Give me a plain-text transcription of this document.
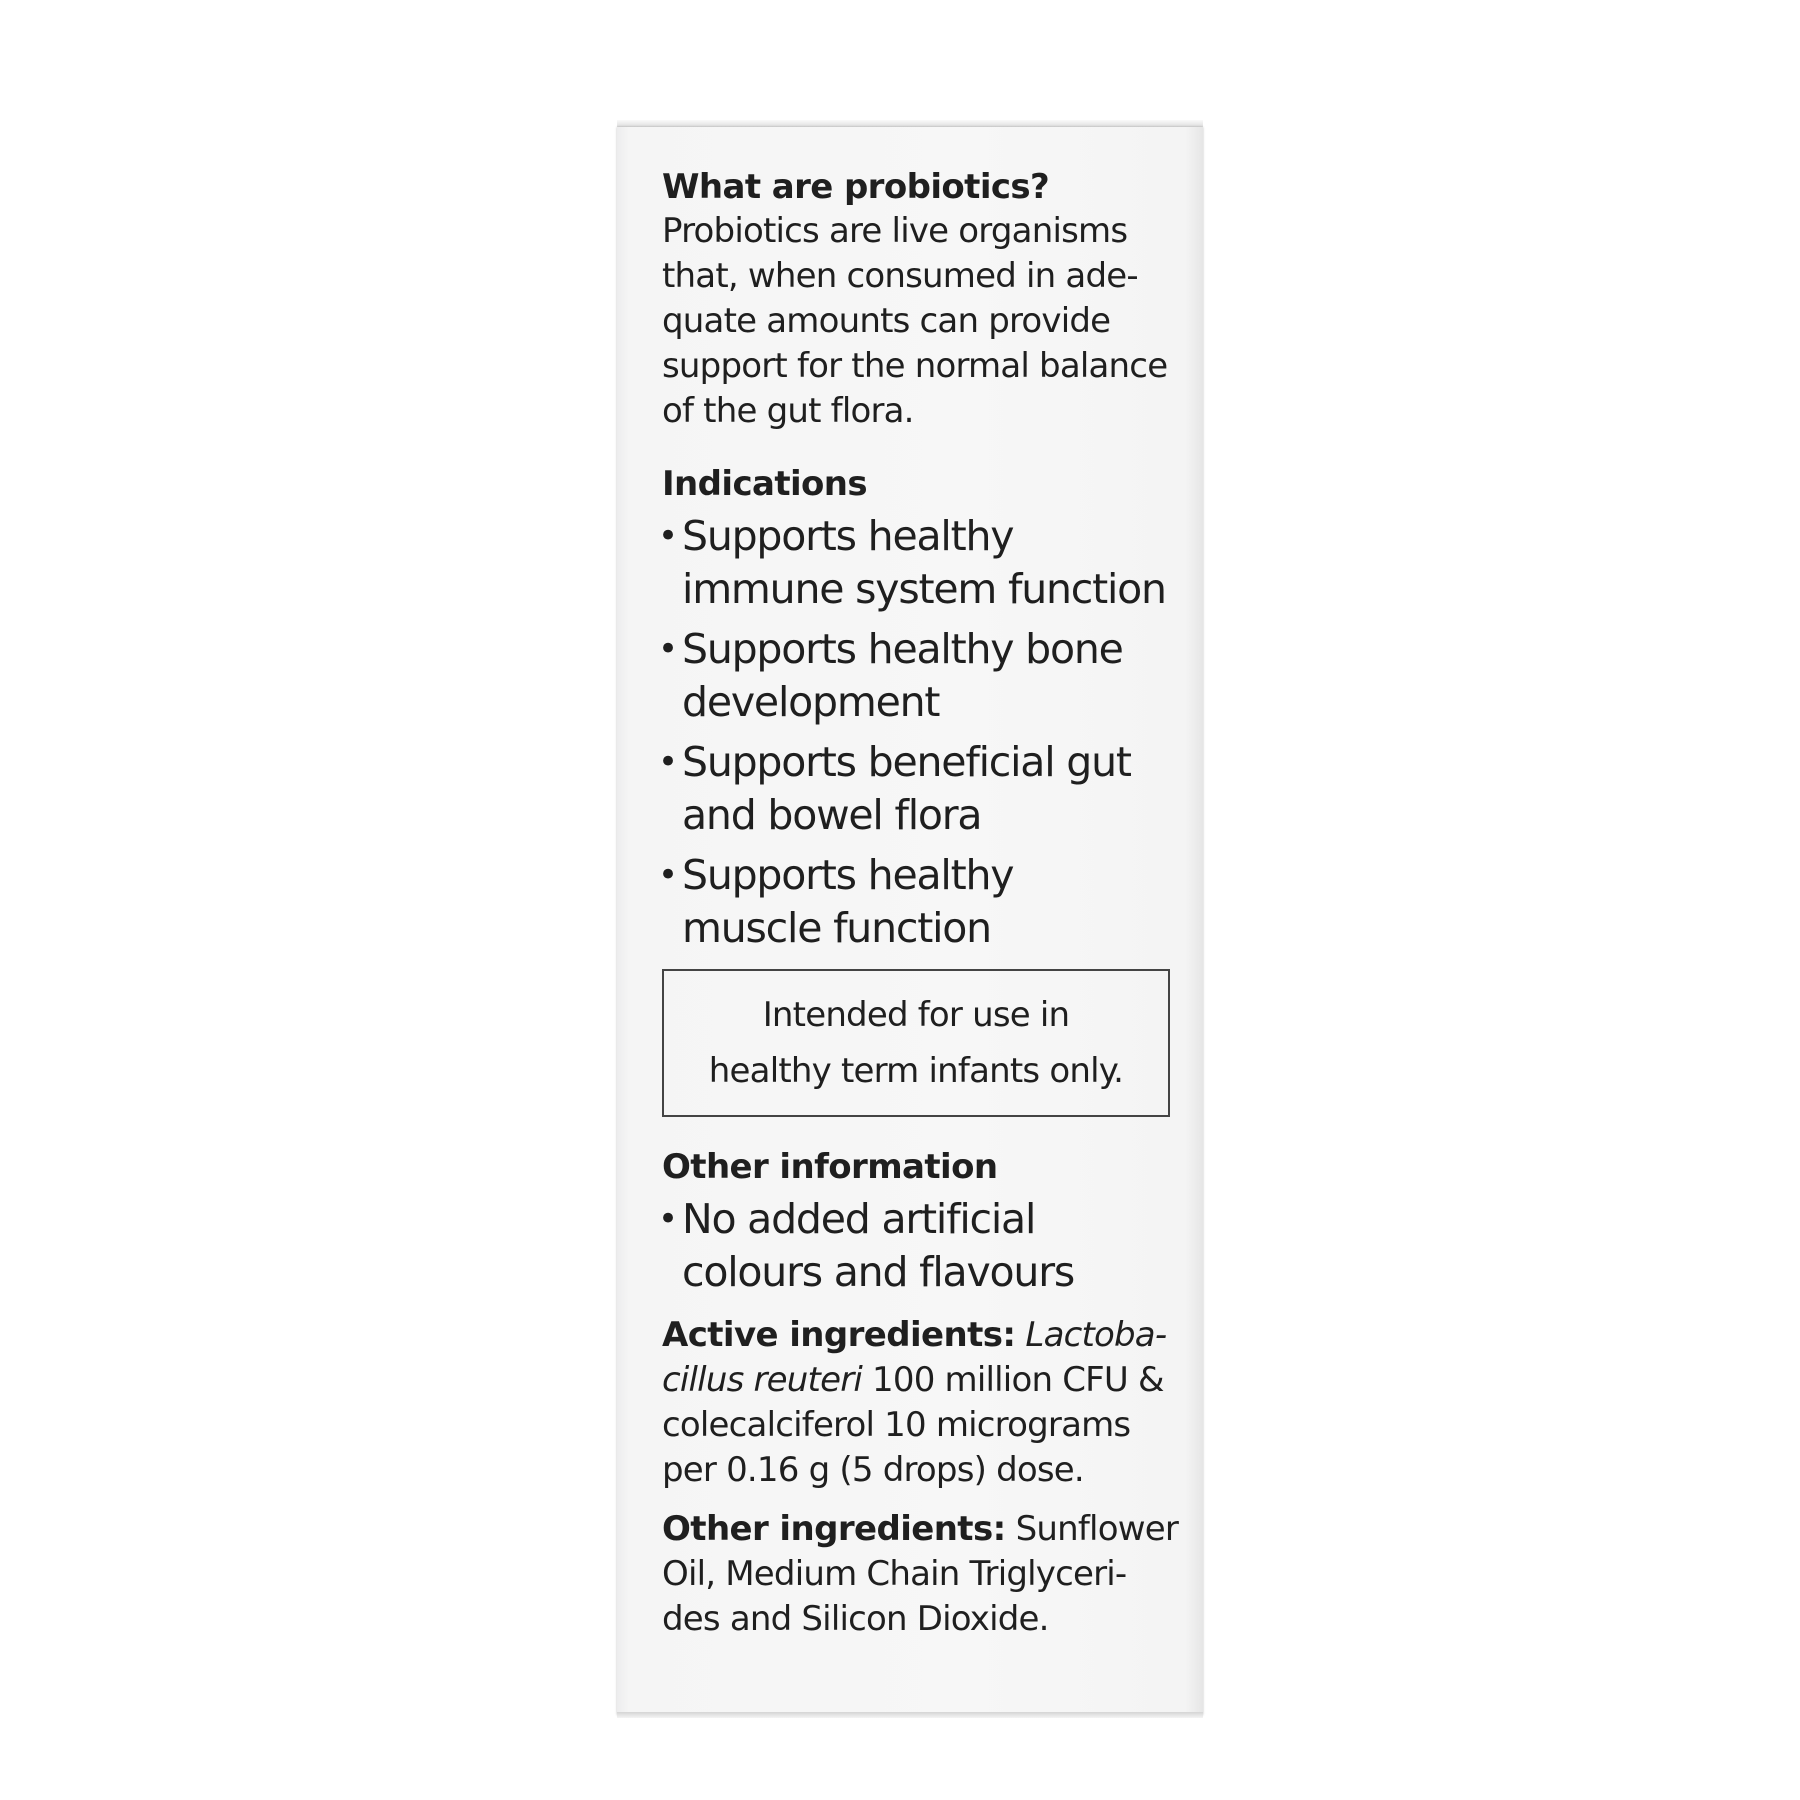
What are probiotics?

Probiotics are live organisms
that, when consumed in ade-
quate amounts can provide
support for the normal balance
of the gut flora.

Indications
• Supports healthy
immune system function
• Supports healthy bone
development
• Supports beneficial gut
and bowel flora
• Supports healthy
muscle function
Intended for use in
healthy term infants only.
Other information
• No added artificial
colours and flavours

Active ingredients: Lactoba-
cillus reuteri 100 million CFU &
colecalciferol 10 micrograms
per 0.16 g (5 drops) dose.

Other ingredients: Sunflower
Oil, Medium Chain Triglyceri-
des and Silicon Dioxide.
